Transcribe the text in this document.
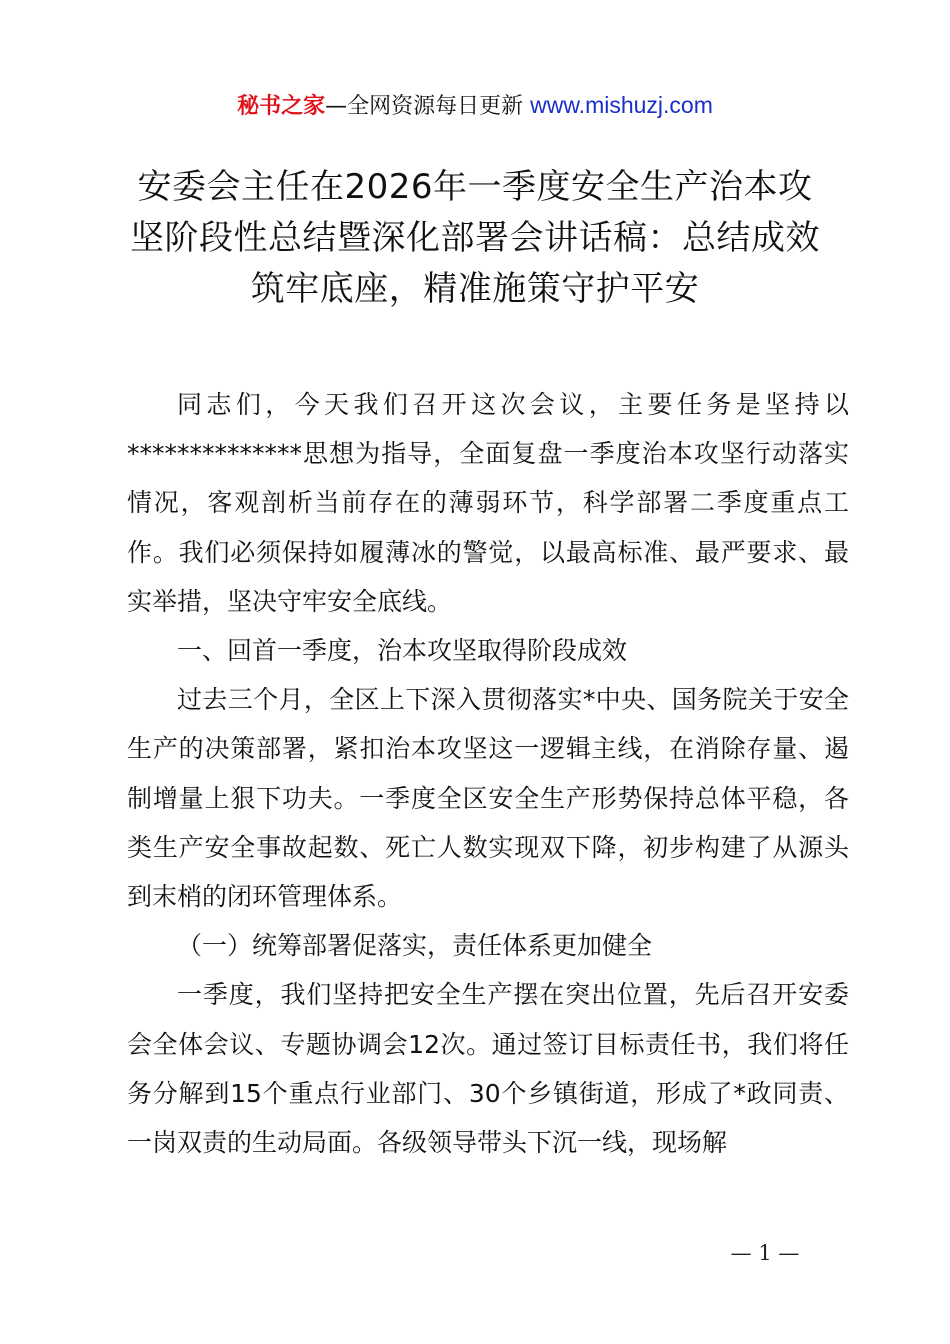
秘书之家—全网资源每日更新 www.mishuzj.com
安委会主任在2026年一季度安全生产治本攻
坚阶段性总结暨深化部署会讲话稿：总结成效
筑牢底座，精准施策守护平安

同志们，今天我们召开这次会议，主要任务是坚持以**************思想为指导，全面复盘一季度治本攻坚行动落实情况，客观剖析当前存在的薄弱环节，科学部署二季度重点工作。我们必须保持如履薄冰的警觉，以最高标准、最严要求、最实举措，坚决守牢安全底线。

一、回首一季度，治本攻坚取得阶段成效

过去三个月，全区上下深入贯彻落实*中央、国务院关于安全生产的决策部署，紧扣治本攻坚这一逻辑主线，在消除存量、遏制增量上狠下功夫。一季度全区安全生产形势保持总体平稳，各类生产安全事故起数、死亡人数实现双下降，初步构建了从源头到末梢的闭环管理体系。

（一）统筹部署促落实，责任体系更加健全

一季度，我们坚持把安全生产摆在突出位置，先后召开安委会全体会议、专题协调会12次。通过签订目标责任书，我们将任务分解到15个重点行业部门、30个乡镇街道，形成了*政同责、一岗双责的生动局面。各级领导带头下沉一线，现场解

— 1 —
